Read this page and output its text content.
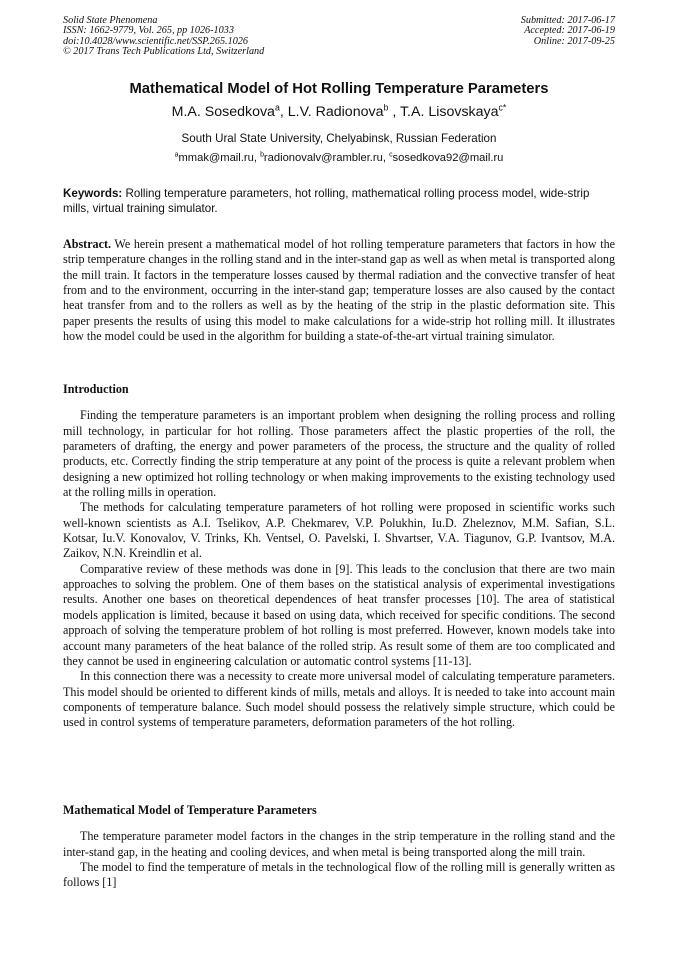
Solid State Phenomena
ISSN: 1662-9779, Vol. 265, pp 1026-1033
doi:10.4028/www.scientific.net/SSP.265.1026
© 2017 Trans Tech Publications Ltd, Switzerland
Submitted: 2017-06-17
Accepted: 2017-06-19
Online: 2017-09-25
Mathematical Model of Hot Rolling Temperature Parameters
M.A. Sosedkova$^a$, L.V. Radionova$^b$ , T.A. Lisovskaya$^{c*}$
South Ural State University, Chelyabinsk, Russian Federation
$^a$mmak@mail.ru, $^b$radionovalv@rambler.ru, $^c$sosedkova92@mail.ru
Keywords: Rolling temperature parameters, hot rolling, mathematical rolling process model, wide-strip mills, virtual training simulator.
Abstract. We herein present a mathematical model of hot rolling temperature parameters that factors in how the strip temperature changes in the rolling stand and in the inter-stand gap as well as when metal is transported along the mill train. It factors in the temperature losses caused by thermal radiation and the convective transfer of heat from and to the environment, occurring in the inter-stand gap; temperature losses are also caused by the contact heat transfer from and to the rollers as well as by the heating of the strip in the plastic deformation site. This paper presents the results of using this model to make calculations for a wide-strip hot rolling mill. It illustrates how the model could be used in the algorithm for building a state-of-the-art virtual training simulator.
Introduction

Finding the temperature parameters is an important problem when designing the rolling process and rolling mill technology, in particular for hot rolling. Those parameters affect the plastic properties of the roll, the parameters of drafting, the energy and power parameters of the process, the structure and the quality of rolled products, etc. Correctly finding the strip temperature at any point of the process is quite a relevant problem when designing a new optimized hot rolling technology or when making improvements to the existing technology used at the rolling mills in operation.

The methods for calculating temperature parameters of hot rolling were proposed in scientific works such well-known scientists as A.I. Tselikov, A.P. Chekmarev, V.P. Polukhin, Iu.D. Zheleznov, M.M. Safian, S.L. Kotsar, Iu.V. Konovalov, V. Trinks, Kh. Ventsel, O. Pavelski, I. Shvartser, V.A. Tiagunov, G.P. Ivantsov, M.A. Zaikov, N.N. Kreindlin et al.

Comparative review of these methods was done in [9]. This leads to the conclusion that there are two main approaches to solving the problem. One of them bases on the statistical analysis of experimental investigations results. Another one bases on theoretical dependences of heat transfer processes [10]. The area of statistical models application is limited, because it based on using data, which received for specific conditions. The second approach of solving the temperature problem of hot rolling is most preferred. However, known models take into account many parameters of the heat balance of the rolled strip. As result some of them are too complicated and they cannot be used in engineering calculation or automatic control systems [11-13].

In this connection there was a necessity to create more universal model of calculating temperature parameters. This model should be oriented to different kinds of mills, metals and alloys. It is needed to take into account main components of temperature balance. Such model should possess the relatively simple structure, which could be used in control systems of temperature parameters, deformation parameters of the hot rolling.

Mathematical Model of Temperature Parameters

The temperature parameter model factors in the changes in the strip temperature in the rolling stand and the inter-stand gap, in the heating and cooling devices, and when metal is being transported along the mill train.

The model to find the temperature of metals in the technological flow of the rolling mill is generally written as follows [1]
